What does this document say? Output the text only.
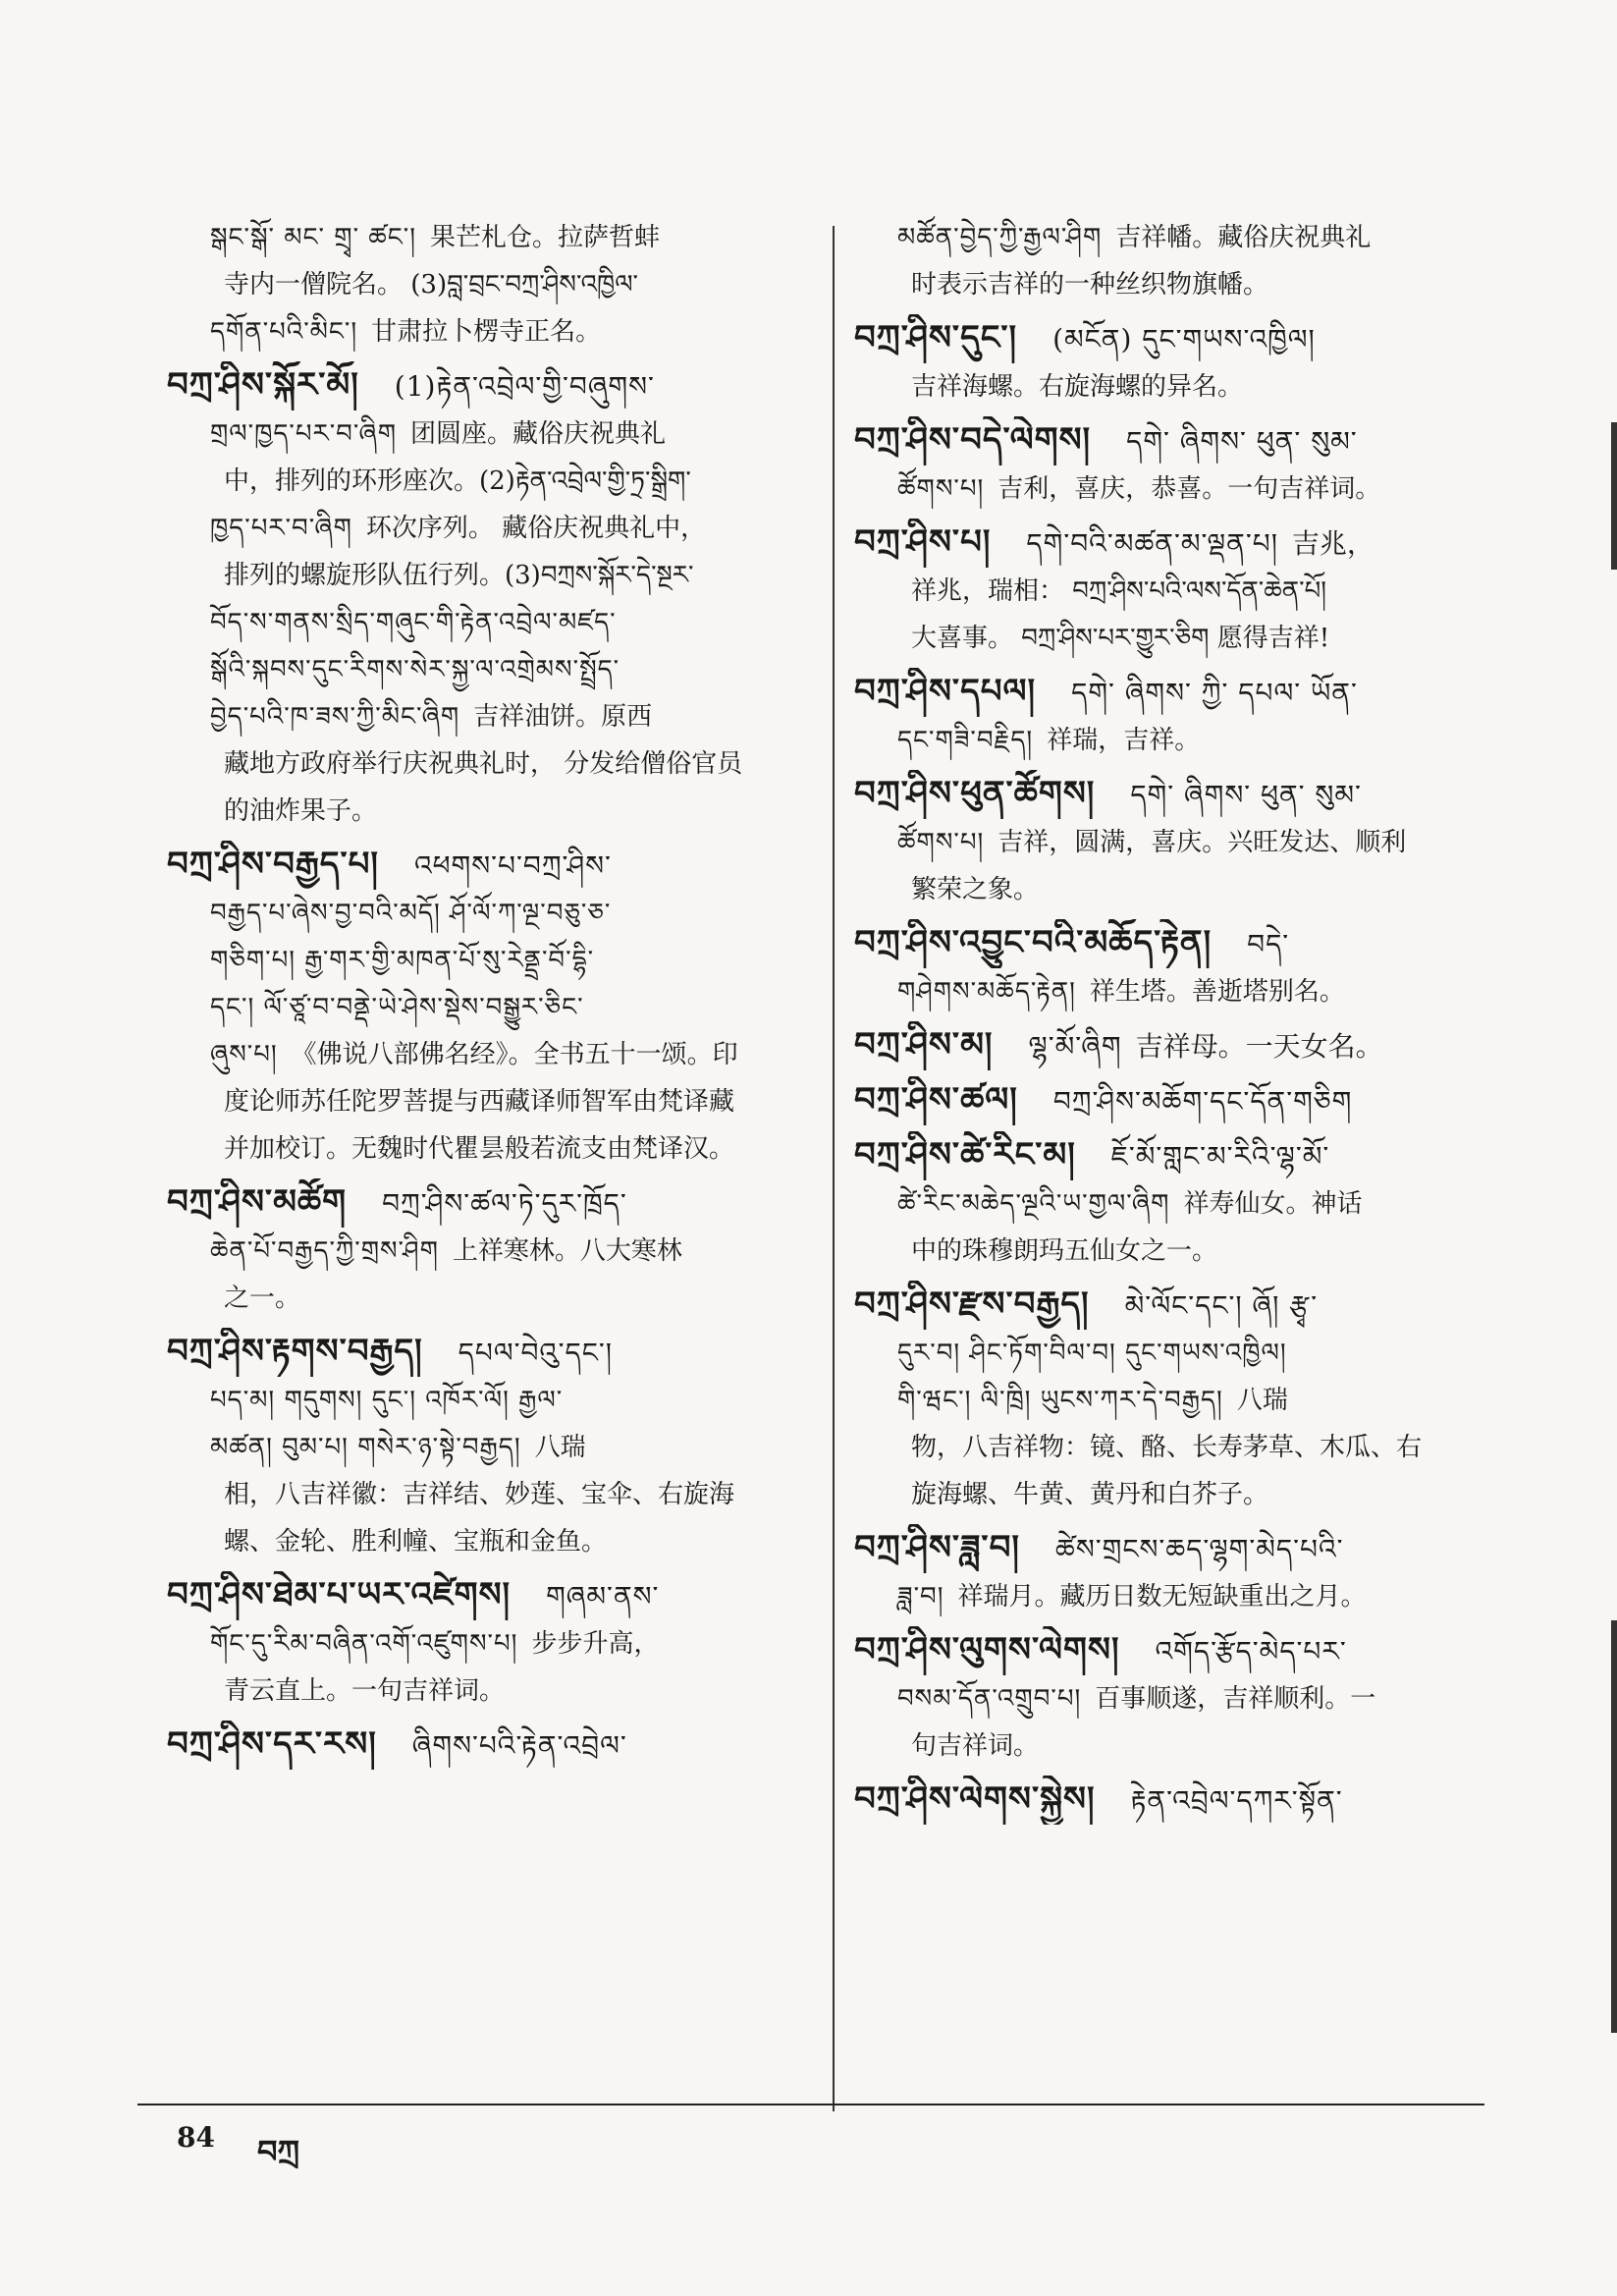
སྒང་སྒོ་ མང་ གྲྭ་ ཚང་། 果芒札仓。拉萨哲蚌
寺内一僧院名。 (3)བླ་བྲང་བཀྲ་ཤིས་འཁྱིལ་
དགོན་པའི་མིང་། 甘肃拉卜楞寺正名。
བཀྲ་ཤིས་སྐོར་མོ། (1)རྟེན་འབྲེལ་གྱི་བཞུགས་
གྲལ་ཁྱད་པར་བ་ཞིག 团圆座。藏俗庆祝典礼
中，排列的环形座次。(2)རྟེན་འབྲེལ་གྱི་ཏྲ་སྒྲིག་
ཁྱད་པར་བ་ཞིག 环次序列。 藏俗庆祝典礼中，
排列的螺旋形队伍行列。(3)བཀྲས་སྐོར་དེ་སྔར་
བོད་ས་གནས་སྲིད་གཞུང་གི་རྟེན་འབྲེལ་མཛད་
སྒོའི་སྐབས་དུང་རིགས་སེར་སྐྱ་ལ་འགྲེམས་སྤྲོད་
བྱེད་པའི་ཁ་ཟས་ཀྱི་མིང་ཞིག 吉祥油饼。原西
藏地方政府举行庆祝典礼时， 分发给僧俗官员
的油炸果子。
བཀྲ་ཤིས་བརྒྱད་པ། འཕགས་པ་བཀྲ་ཤིས་
བརྒྱད་པ་ཞེས་བྱ་བའི་མདོ། ཤོ་ལོ་ཀ་ལྔ་བཅུ་ཅ་
གཅིག་པ། རྒྱ་གར་གྱི་མཁན་པོ་སུ་རེནྡྲ་བོ་དྷི་
དང་། ལོ་ཙཱ་བ་བནྡེ་ཡེ་ཤེས་སྡེས་བསྒྱུར་ཅིང་
ཞུས་པ། 《佛说八部佛名经》。全书五十一颂。印
度论师苏任陀罗菩提与西藏译师智军由梵译藏
并加校订。无魏时代瞿昙般若流支由梵译汉。
བཀྲ་ཤིས་མཚོག བཀྲ་ཤིས་ཚལ་ཏེ་དུར་ཁྲོད་
ཆེན་པོ་བརྒྱད་ཀྱི་གྲས་ཤིག 上祥寒林。八大寒林
之一。
བཀྲ་ཤིས་རྟགས་བརྒྱད། དཔལ་བེའུ་དང་།
པད་མ། གདུགས། དུང་། འཁོར་ལོ། རྒྱལ་
མཚན། བུམ་པ། གསེར་ཉ་སྟེ་བརྒྱད། 八瑞
相，八吉祥徽：吉祥结、妙莲、宝伞、右旋海
螺、金轮、胜利幢、宝瓶和金鱼。
བཀྲ་ཤིས་ཐེམ་པ་ཡར་འཛེགས། གཞམ་ནས་
གོང་དུ་རིམ་བཞིན་འགོ་འཛུགས་པ། 步步升高，
青云直上。一句吉祥词。
བཀྲ་ཤིས་དར་རས། ཞིགས་པའི་རྟེན་འབྲེལ་
མཚོན་བྱེད་ཀྱི་རྒྱལ་ཤིག 吉祥幡。藏俗庆祝典礼
时表示吉祥的一种丝织物旗幡。
བཀྲ་ཤིས་དུང་། (མངོན) དུང་གཡས་འཁྱིལ།
吉祥海螺。右旋海螺的异名。
བཀྲ་ཤིས་བདེ་ལེགས། དགེ་ ཞིགས་ ཕུན་ སུམ་
ཚོགས་པ། 吉利，喜庆，恭喜。一句吉祥词。
བཀྲ་ཤིས་པ། དགེ་བའི་མཚན་མ་ལྡན་པ། 吉兆，
祥兆，瑞相： བཀྲ་ཤིས་པའི་ལས་དོན་ཆེན་པོ།
大喜事。 བཀྲ་ཤིས་པར་གྱུར་ཅིག 愿得吉祥!
བཀྲ་ཤིས་དཔལ། དགེ་ ཞིགས་ ཀྱི་ དཔལ་ ཡོན་
དང་གཟི་བརྗིད། 祥瑞，吉祥。
བཀྲ་ཤིས་ཕུན་ཚོགས། དགེ་ ཞིགས་ ཕུན་ སུམ་
ཚོགས་པ། 吉祥，圆满，喜庆。兴旺发达、顺利
繁荣之象。
བཀྲ་ཤིས་འབྱུང་བའི་མཆོད་རྟེན། བདེ་
གཤེགས་མཆོད་རྟེན། 祥生塔。善逝塔别名。
བཀྲ་ཤིས་མ། ལྷ་མོ་ཞིག 吉祥母。一天女名。
བཀྲ་ཤིས་ཚལ། བཀྲ་ཤིས་མཆོག་དང་དོན་གཅིག
བཀྲ་ཤིས་ཚེ་རིང་མ། ཇོ་མོ་གླང་མ་རིའི་ལྷ་མོ་
ཚེ་རིང་མཆེད་ལྔའི་ཡ་གྱལ་ཞིག 祥寿仙女。神话
中的珠穆朗玛五仙女之一。
བཀྲ་ཤིས་རྫས་བརྒྱད། མེ་ལོང་དང་། ཞོ། རྩྭ་
དུར་བ། ཤིང་ཏོག་བིལ་བ། དུང་གཡས་འཁྱིལ།
གི་ཝང་། ལི་ཁྲི། ཡུངས་ཀར་དེ་བརྒྱད། 八瑞
物，八吉祥物：镜、酪、长寿茅草、木瓜、右
旋海螺、牛黄、黄丹和白芥子。
བཀྲ་ཤིས་ཟླ་བ། ཚེས་གྲངས་ཆད་ལྷག་མེད་པའི་
ཟླ་བ། 祥瑞月。藏历日数无短缺重出之月。
བཀྲ་ཤིས་ལུགས་ལེགས། འགོད་རྩོད་མེད་པར་
བསམ་དོན་འགྲུབ་པ། 百事顺遂，吉祥顺利。一
句吉祥词。
བཀྲ་ཤིས་ལེགས་སྐྱེས། རྟེན་འབྲེལ་དཀར་སྟོན་
84 བཀྲ
